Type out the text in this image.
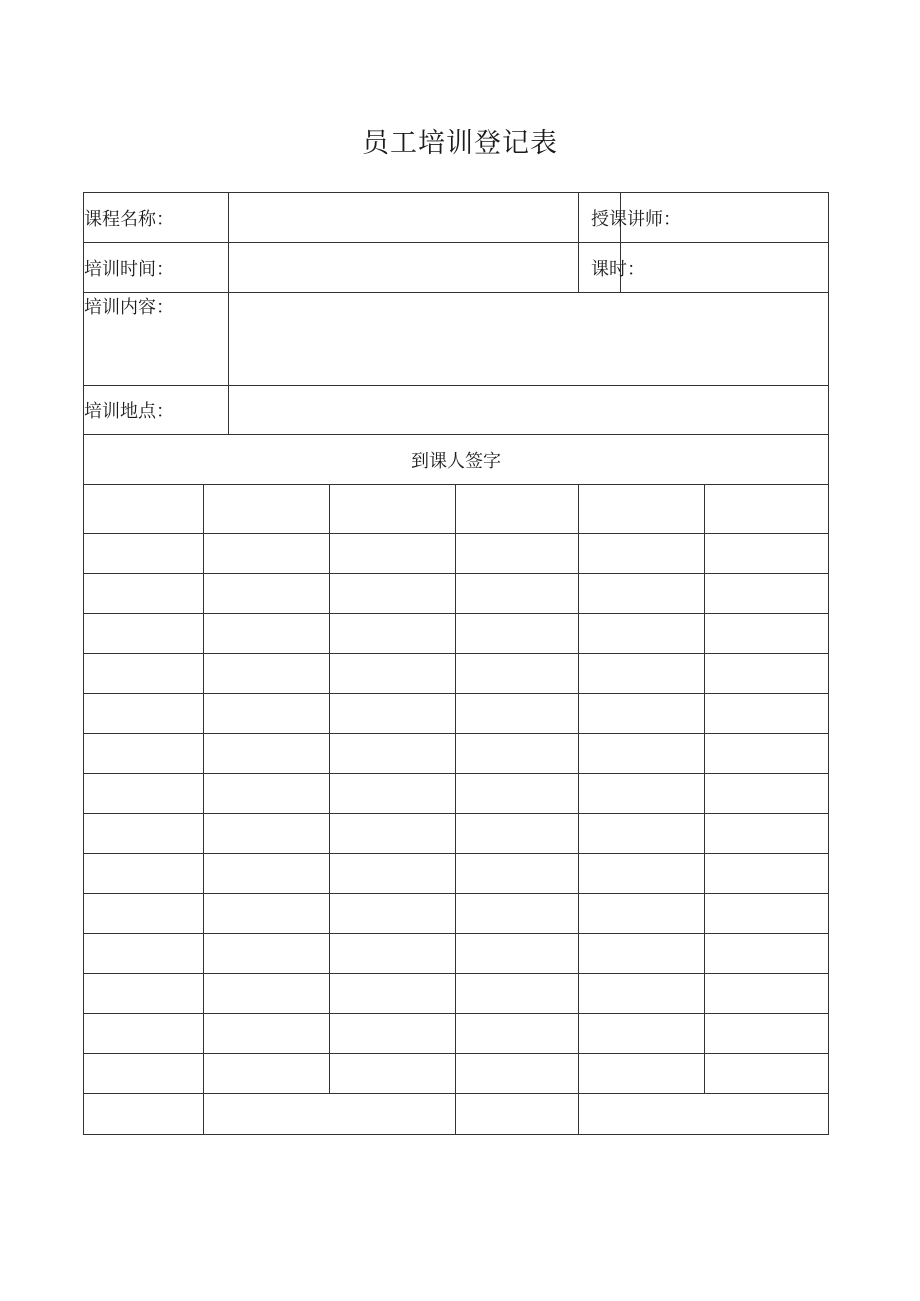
员工培训登记表
课程名称：					授课讲师：		
培训时间：					课时：		
培训内容：							
培训地点：							
到课人签字							
